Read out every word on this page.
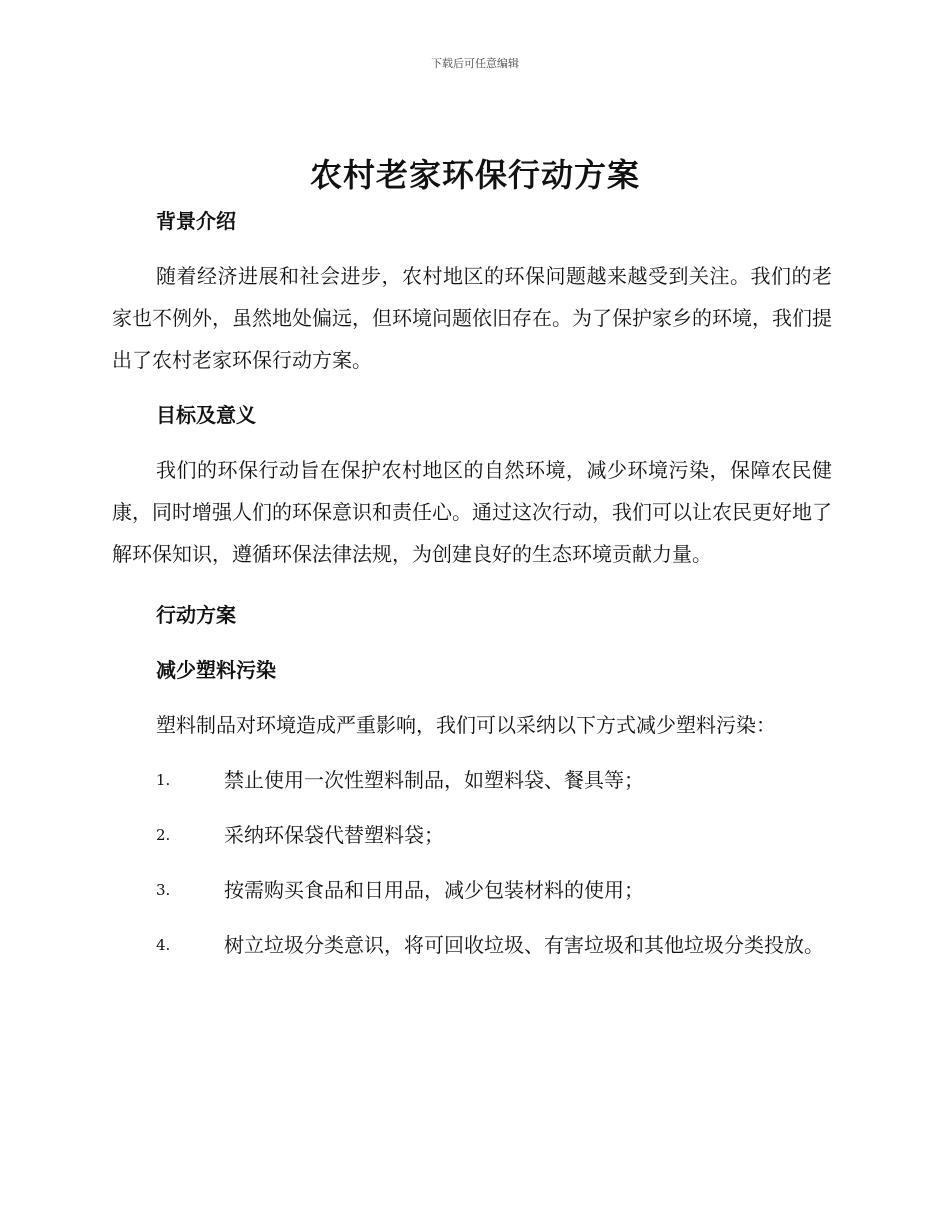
下载后可任意编辑
农村老家环保行动方案

背景介绍

随着经济进展和社会进步，农村地区的环保问题越来越受到关注。我们的老家也不例外，虽然地处偏远，但环境问题依旧存在。为了保护家乡的环境，我们提出了农村老家环保行动方案。

目标及意义

我们的环保行动旨在保护农村地区的自然环境，减少环境污染，保障农民健康，同时增强人们的环保意识和责任心。通过这次行动，我们可以让农民更好地了解环保知识，遵循环保法律法规，为创建良好的生态环境贡献力量。

行动方案

减少塑料污染

塑料制品对环境造成严重影响，我们可以采纳以下方式减少塑料污染：

1.	禁止使用一次性塑料制品，如塑料袋、餐具等；

2.	采纳环保袋代替塑料袋；

3.	按需购买食品和日用品，减少包装材料的使用；

4.	树立垃圾分类意识，将可回收垃圾、有害垃圾和其他垃圾分类投放。
